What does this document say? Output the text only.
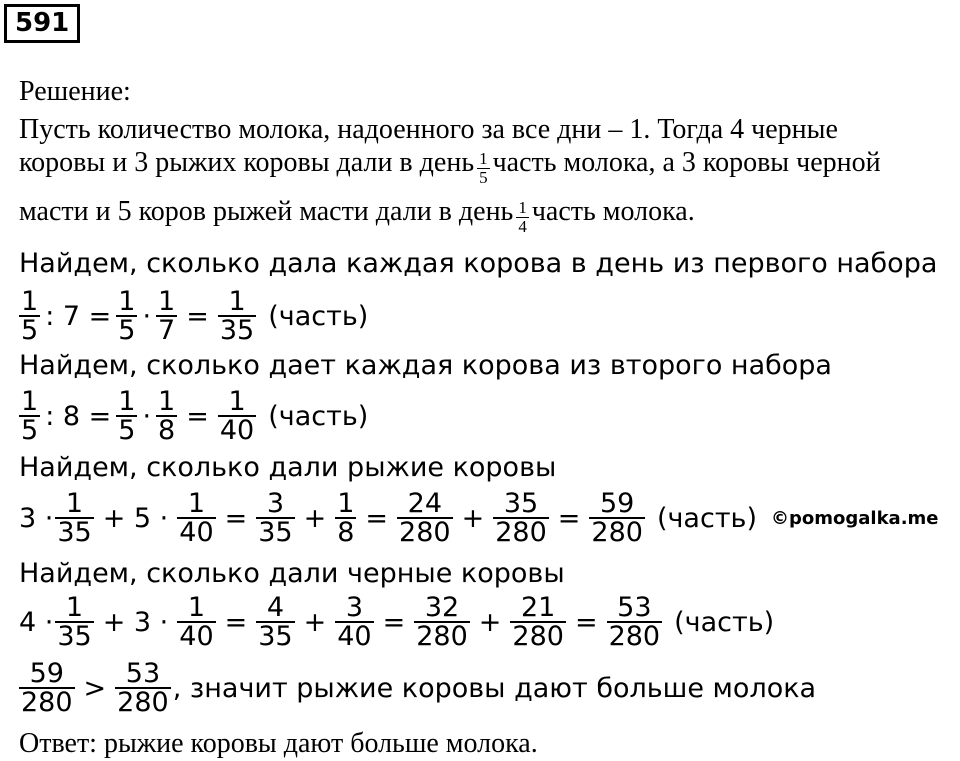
591
Решение:
Пусть количество молока, надоенного за все дни – 1. Тогда 4 черные
коровы и 3 рыжих коровы дали в день $\frac{1}{5}$ часть молока, а 3 коровы черной
масти и 5 коров рыжей масти дали в день $\frac{1}{4}$ часть молока.
Найдем, сколько дала каждая корова в день из первого набора
$\frac{1}{5}$ : $7 = \frac{1}{5} \cdot \frac{1}{7} = \frac{1}{35}$ (часть)
Найдем, сколько дает каждая корова из второго набора
$\frac{1}{5}$ : $8 = \frac{1}{5} \cdot \frac{1}{8} = \frac{1}{40}$ (часть)
Найдем, сколько дали рыжие коровы
$3 \cdot \frac{1}{35} + 5 \cdot \frac{1}{40} = \frac{3}{35} + \frac{1}{8} = \frac{24}{280} + \frac{35}{280} = \frac{59}{280}$ (часть) ©pomogalka.me
Найдем, сколько дали черные коровы
$4 \cdot \frac{1}{35} + 3 \cdot \frac{1}{40} = \frac{4}{35} + \frac{3}{40} = \frac{32}{280} + \frac{21}{280} = \frac{53}{280}$ (часть)
$\frac{59}{280} > \frac{53}{280}$ , значит рыжие коровы дают больше молока
Ответ: рыжие коровы дают больше молока.
